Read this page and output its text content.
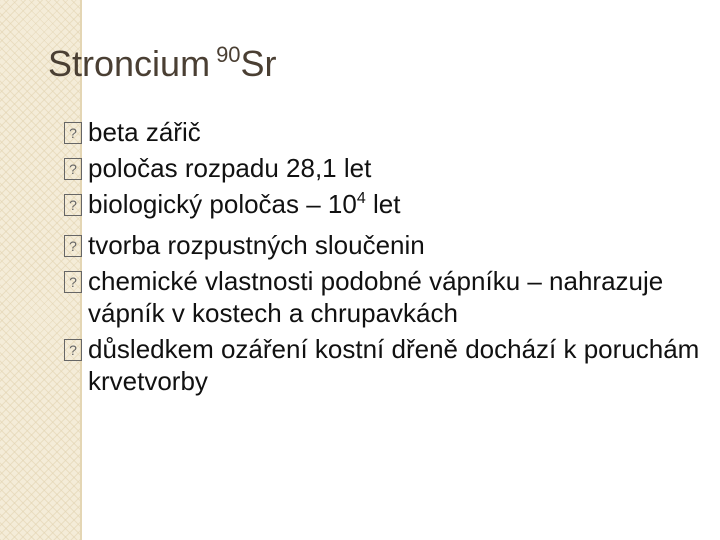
Stroncium $^{90}$Sr
?beta zářič
?poločas rozpadu 28,1 let
?biologický poločas – $10^4$ let
?tvorba rozpustných sloučenin
?chemické vlastnosti podobné vápníku – nahrazuje vápník v kostech a chrupavkách
?důsledkem ozáření kostní dřeně dochází k poruchám krvetvorby
